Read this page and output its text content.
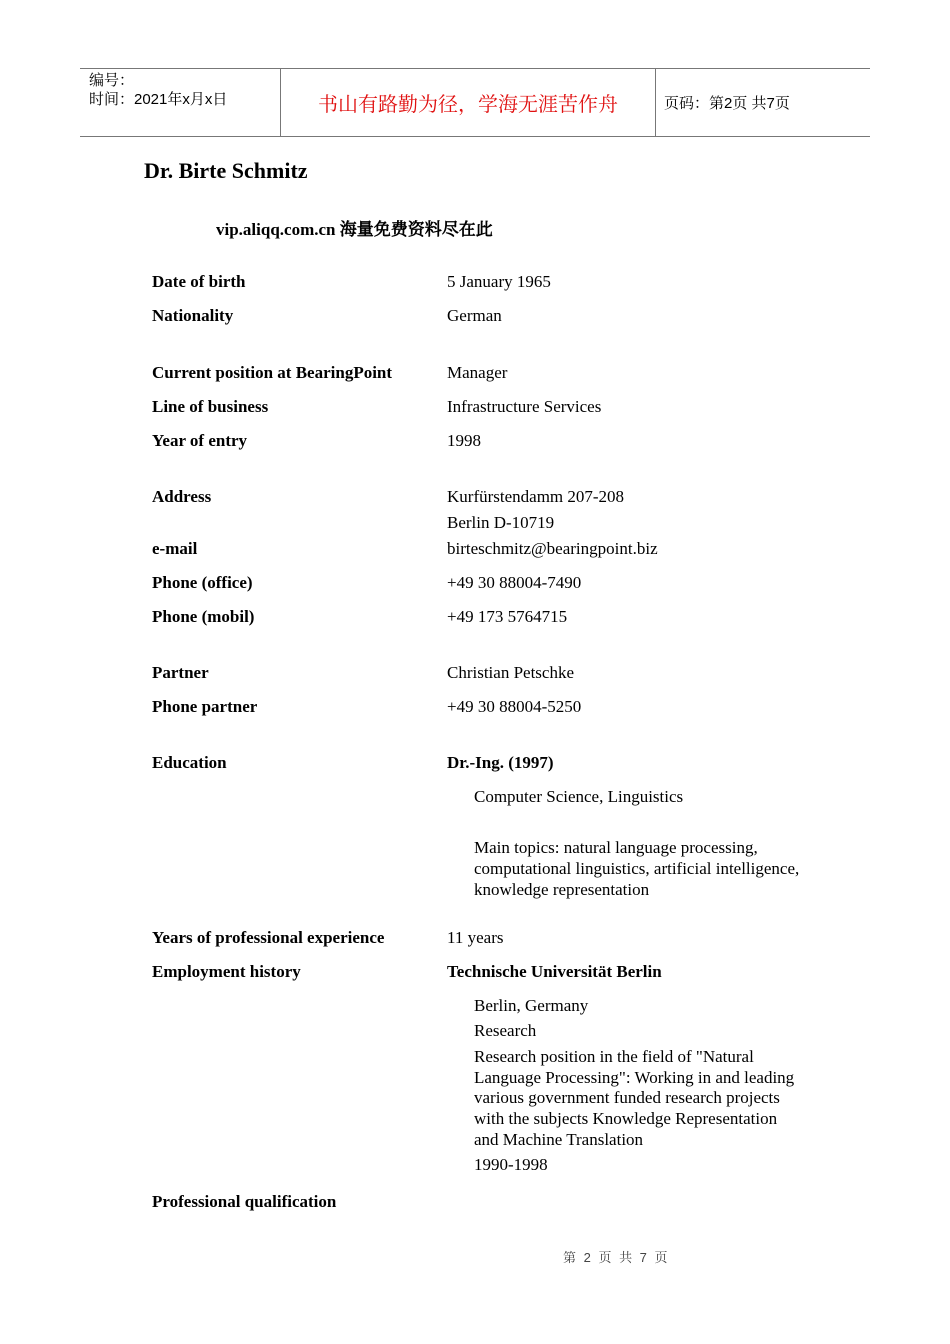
编号：
时间：2021年x月x日	书山有路勤为径，学海无涯苦作舟	页码：第2页 共7页
Dr. Birte Schmitz
vip.aliqq.com.cn 海量免费资料尽在此
Date of birth	5 January 1965
Nationality	German
Current position at BearingPoint	Manager
Line of business	Infrastructure Services
Year of entry	1998
Address	Kurfürstendamm 207-208
Berlin D-10719
e-mail	birteschmitz@bearingpoint.biz
Phone (office)	+49 30 88004-7490
Phone (mobil)	+49 173 5764715
Partner	Christian Petschke
Phone partner	+49 30 88004-5250
Education	Dr.-Ing. (1997)
Computer Science, Linguistics
Main topics: natural language processing,
computational linguistics, artificial intelligence,
knowledge representation
Years of professional experience	11 years
Employment history	Technische Universität Berlin
Berlin, Germany
Research
Research position in the field of "Natural
Language Processing": Working in and leading
various government funded research projects
with the subjects Knowledge Representation
and Machine Translation
1990-1998
Professional qualification
第 2 页 共 7 页
